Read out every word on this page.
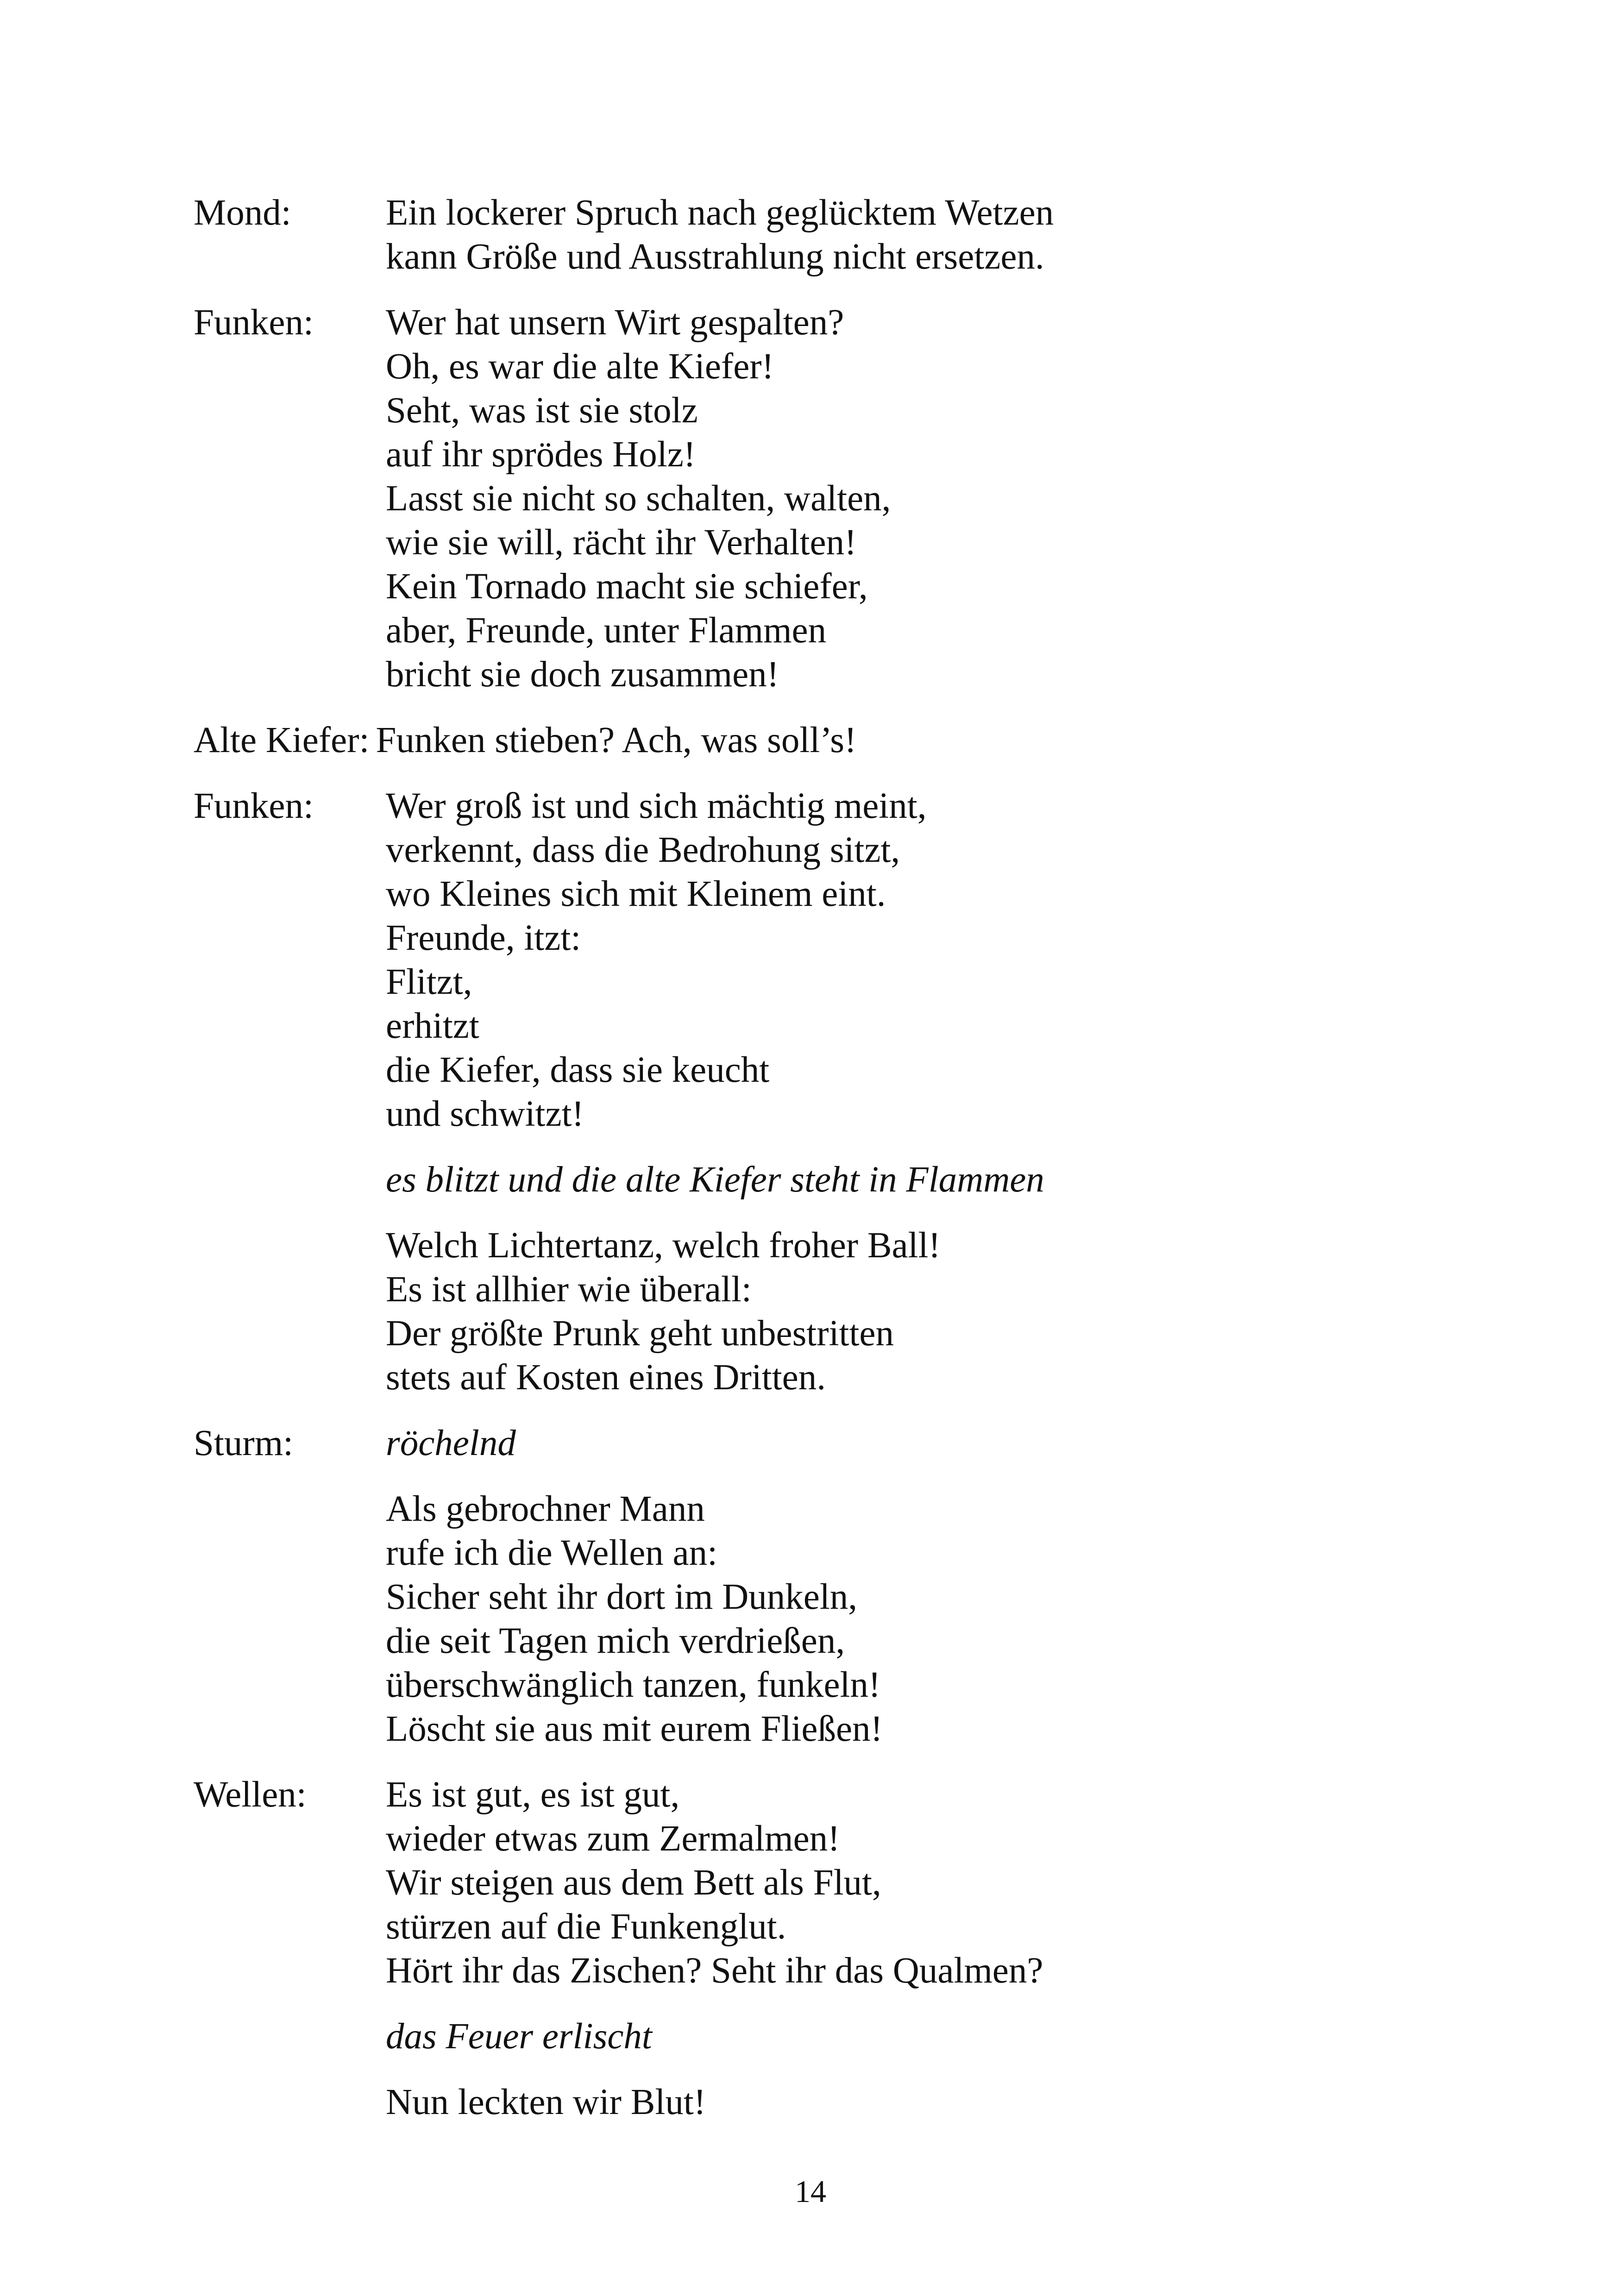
Mond:	Ein lockerer Spruch nach geglücktem Wetzen
kann Größe und Ausstrahlung nicht ersetzen.
Funken:	Wer hat unsern Wirt gespalten?
Oh, es war die alte Kiefer!
Seht, was ist sie stolz
auf ihr sprödes Holz!
Lasst sie nicht so schalten, walten,
wie sie will, rächt ihr Verhalten!
Kein Tornado macht sie schiefer,
aber, Freunde, unter Flammen
bricht sie doch zusammen!
Alte Kiefer: Funken stieben? Ach, was soll’s!
Funken:	Wer groß ist und sich mächtig meint,
verkennt, dass die Bedrohung sitzt,
wo Kleines sich mit Kleinem eint.
Freunde, itzt:
Flitzt,
erhitzt
die Kiefer, dass sie keucht
und schwitzt!
es blitzt und die alte Kiefer steht in Flammen
Welch Lichtertanz, welch froher Ball!
Es ist allhier wie überall:
Der größte Prunk geht unbestritten
stets auf Kosten eines Dritten.
Sturm:	röchelnd
Als gebrochner Mann
rufe ich die Wellen an:
Sicher seht ihr dort im Dunkeln,
die seit Tagen mich verdrießen,
überschwänglich tanzen, funkeln!
Löscht sie aus mit eurem Fließen!
Wellen:	Es ist gut, es ist gut,
wieder etwas zum Zermalmen!
Wir steigen aus dem Bett als Flut,
stürzen auf die Funkenglut.
Hört ihr das Zischen? Seht ihr das Qualmen?
das Feuer erlischt
Nun leckten wir Blut!
14
